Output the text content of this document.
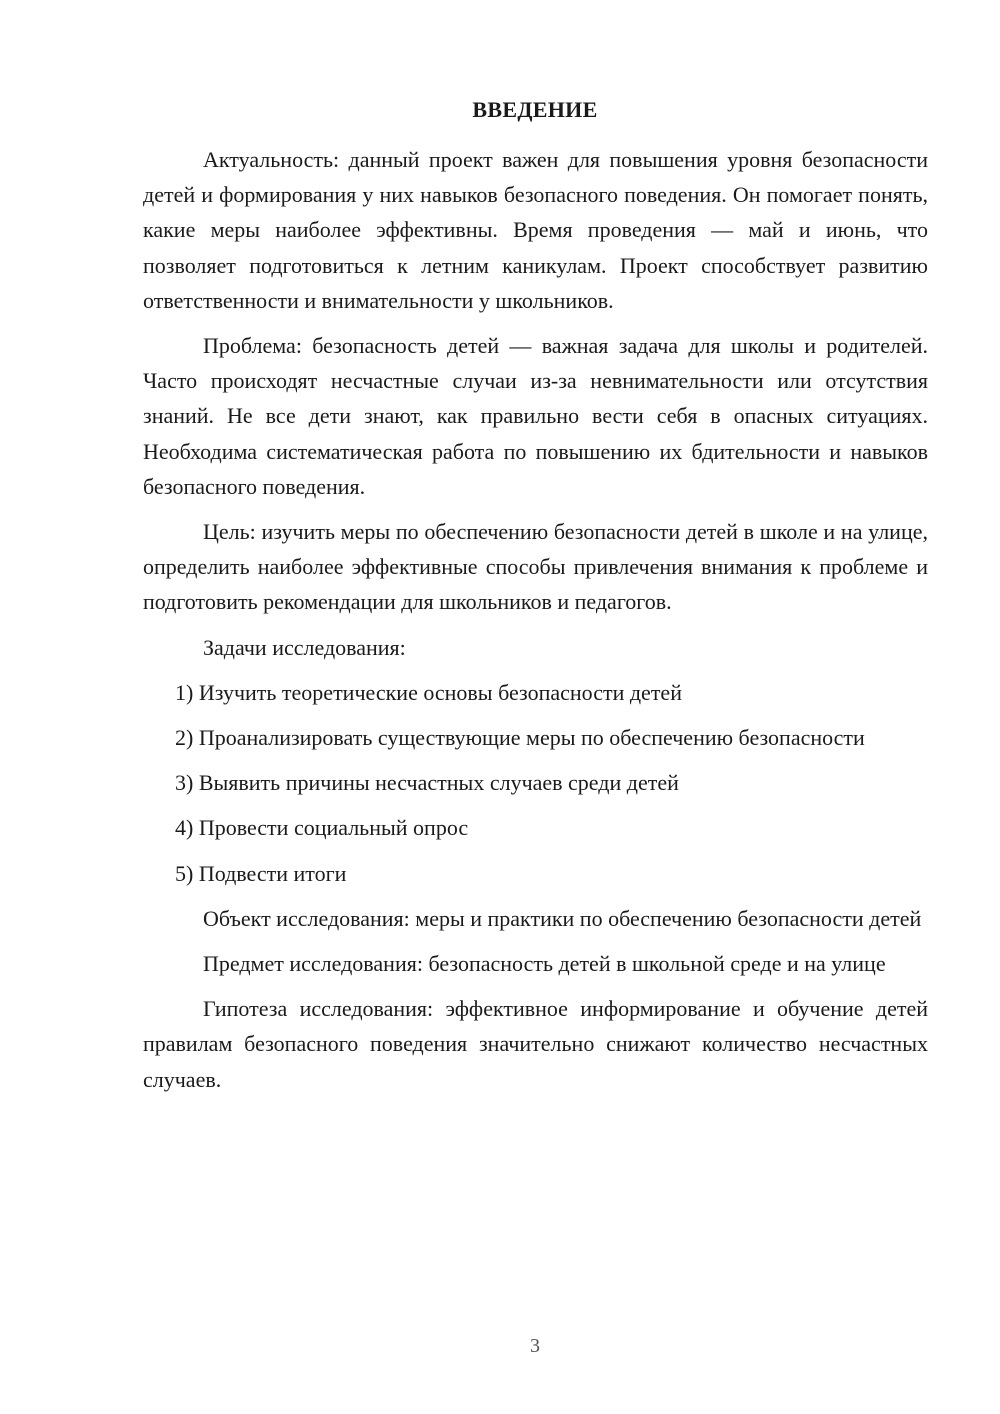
ВВЕДЕНИЕ

Актуальность: данный проект важен для повышения уровня безопасности детей и формирования у них навыков безопасного поведения. Он помогает понять, какие меры наиболее эффективны. Время проведения — май и июнь, что позволяет подготовиться к летним каникулам. Проект способствует развитию ответственности и внимательности у школьников.

Проблема: безопасность детей — важная задача для школы и родителей. Часто происходят несчастные случаи из-за невнимательности или отсутствия знаний. Не все дети знают, как правильно вести себя в опасных ситуациях. Необходима систематическая работа по повышению их бдительности и навыков безопасного поведения.

Цель: изучить меры по обеспечению безопасности детей в школе и на улице, определить наиболее эффективные способы привлечения внимания к проблеме и подготовить рекомендации для школьников и педагогов.

Задачи исследования:

1) Изучить теоретические основы безопасности детей

2) Проанализировать существующие меры по обеспечению безопасности

3) Выявить причины несчастных случаев среди детей

4) Провести социальный опрос

5) Подвести итоги

Объект исследования: меры и практики по обеспечению безопасности детей

Предмет исследования: безопасность детей в школьной среде и на улице

Гипотеза исследования: эффективное информирование и обучение детей правилам безопасного поведения значительно снижают количество несчастных случаев.

3
